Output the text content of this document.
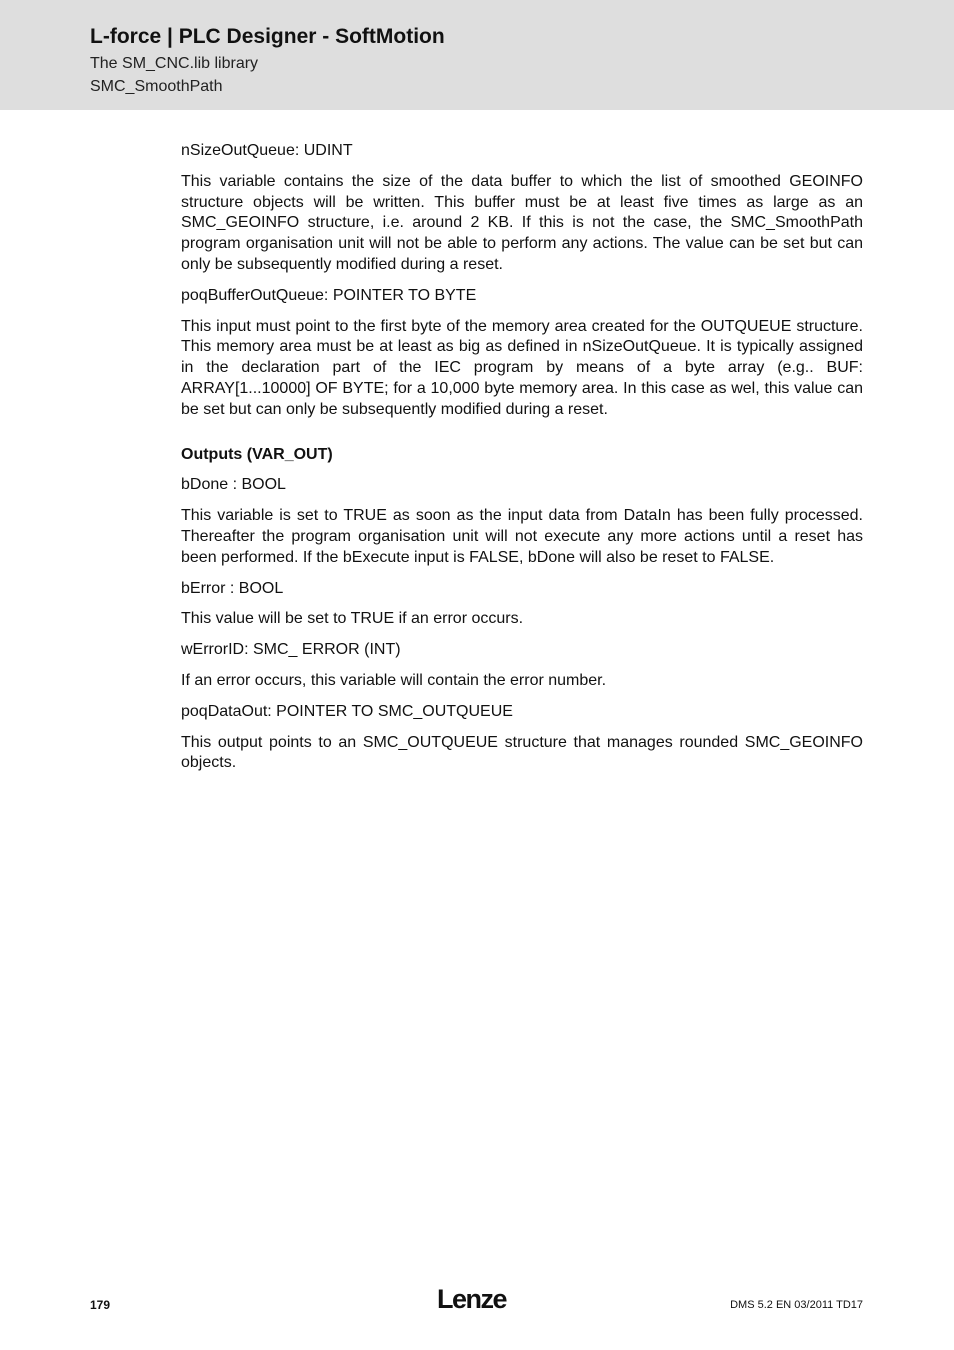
L-force | PLC Designer - SoftMotion
The SM_CNC.lib library
SMC_SmoothPath

nSizeOutQueue: UDINT

This variable contains the size of the data buffer to which the list of smoothed GEOINFO structure objects will be written. This buffer must be at least five times as large as an SMC_GEOINFO structure, i.e. around 2 KB. If this is not the case, the SMC_SmoothPath program organisation unit will not be able to perform any actions. The value can be set but can only be subsequently modified during a reset.

poqBufferOutQueue: POINTER TO BYTE

This input must point to the first byte of the memory area created for the OUTQUEUE structure. This memory area must be at least as big as defined in nSizeOutQueue. It is typically assigned in the declaration part of the IEC program by means of a byte array (e.g.. BUF: ARRAY[1...10000] OF BYTE; for a 10,000 byte memory area. In this case as wel, this value can be set but can only be subsequently modified during a reset.

Outputs (VAR_OUT)

bDone : BOOL

This variable is set to TRUE as soon as the input data from DataIn has been fully processed. Thereafter the program organisation unit will not execute any more actions until a reset has been performed. If the bExecute input is FALSE, bDone will also be reset to FALSE.

bError : BOOL

This value will be set to TRUE if an error occurs.

wErrorID: SMC_ ERROR (INT)

If an error occurs, this variable will contain the error number.

poqDataOut: POINTER TO SMC_OUTQUEUE

This output points to an SMC_OUTQUEUE structure that manages rounded SMC_GEOINFO objects.

179	Lenze	DMS 5.2 EN 03/2011 TD17
